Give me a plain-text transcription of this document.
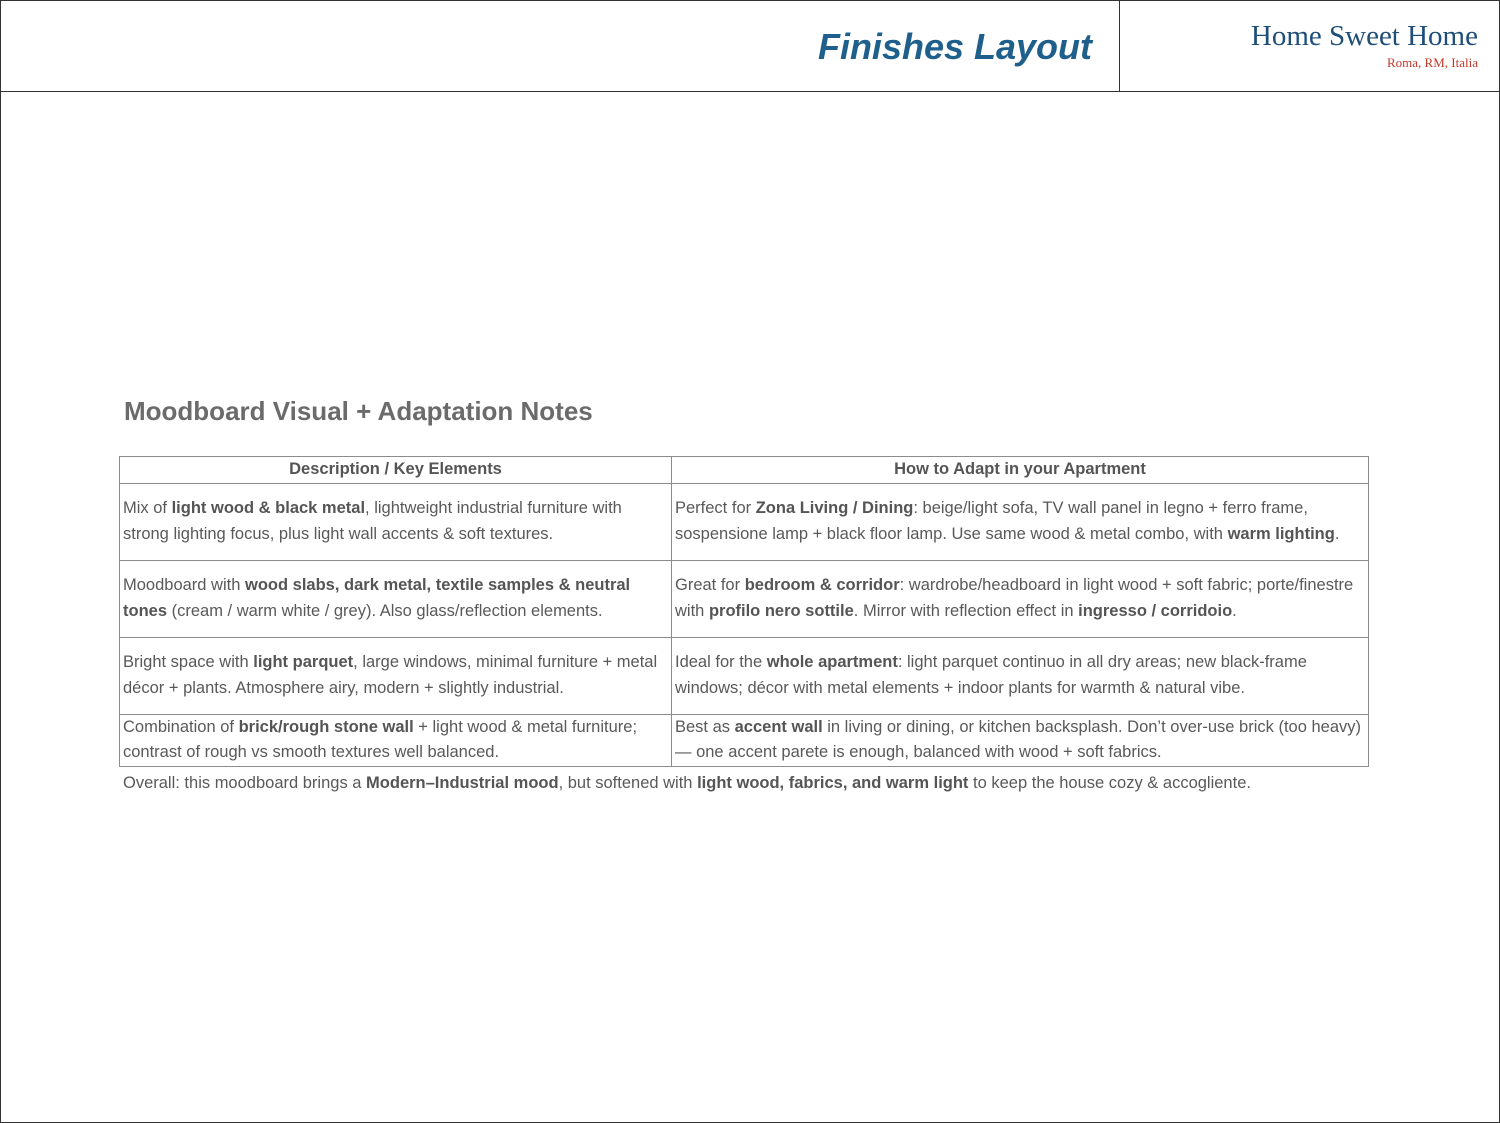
Finishes Layout	Home Sweet Home
Roma, RM, Italia
Moodboard Visual + Adaptation Notes
Description / Key Elements	How to Adapt in your Apartment
Mix of light wood & black metal, lightweight industrial furniture with strong lighting focus, plus light wall accents & soft textures.	Perfect for Zona Living / Dining: beige/light sofa, TV wall panel in legno + ferro frame, sospensione lamp + black floor lamp. Use same wood & metal combo, with warm lighting.
Moodboard with wood slabs, dark metal, textile samples & neutral tones (cream / warm white / grey). Also glass/reflection elements.	Great for bedroom & corridor: wardrobe/headboard in light wood + soft fabric; porte/finestre with profilo nero sottile. Mirror with reflection effect in ingresso / corridoio.
Bright space with light parquet, large windows, minimal furniture + metal décor + plants. Atmosphere airy, modern + slightly industrial.	Ideal for the whole apartment: light parquet continuo in all dry areas; new black-frame windows; décor with metal elements + indoor plants for warmth & natural vibe.
Combination of brick/rough stone wall + light wood & metal furniture; contrast of rough vs smooth textures well balanced.	Best as accent wall in living or dining, or kitchen backsplash. Don’t over-use brick (too heavy) — one accent parete is enough, balanced with wood + soft fabrics.
Overall: this moodboard brings a Modern–Industrial mood, but softened with light wood, fabrics, and warm light to keep the house cozy & accogliente.
